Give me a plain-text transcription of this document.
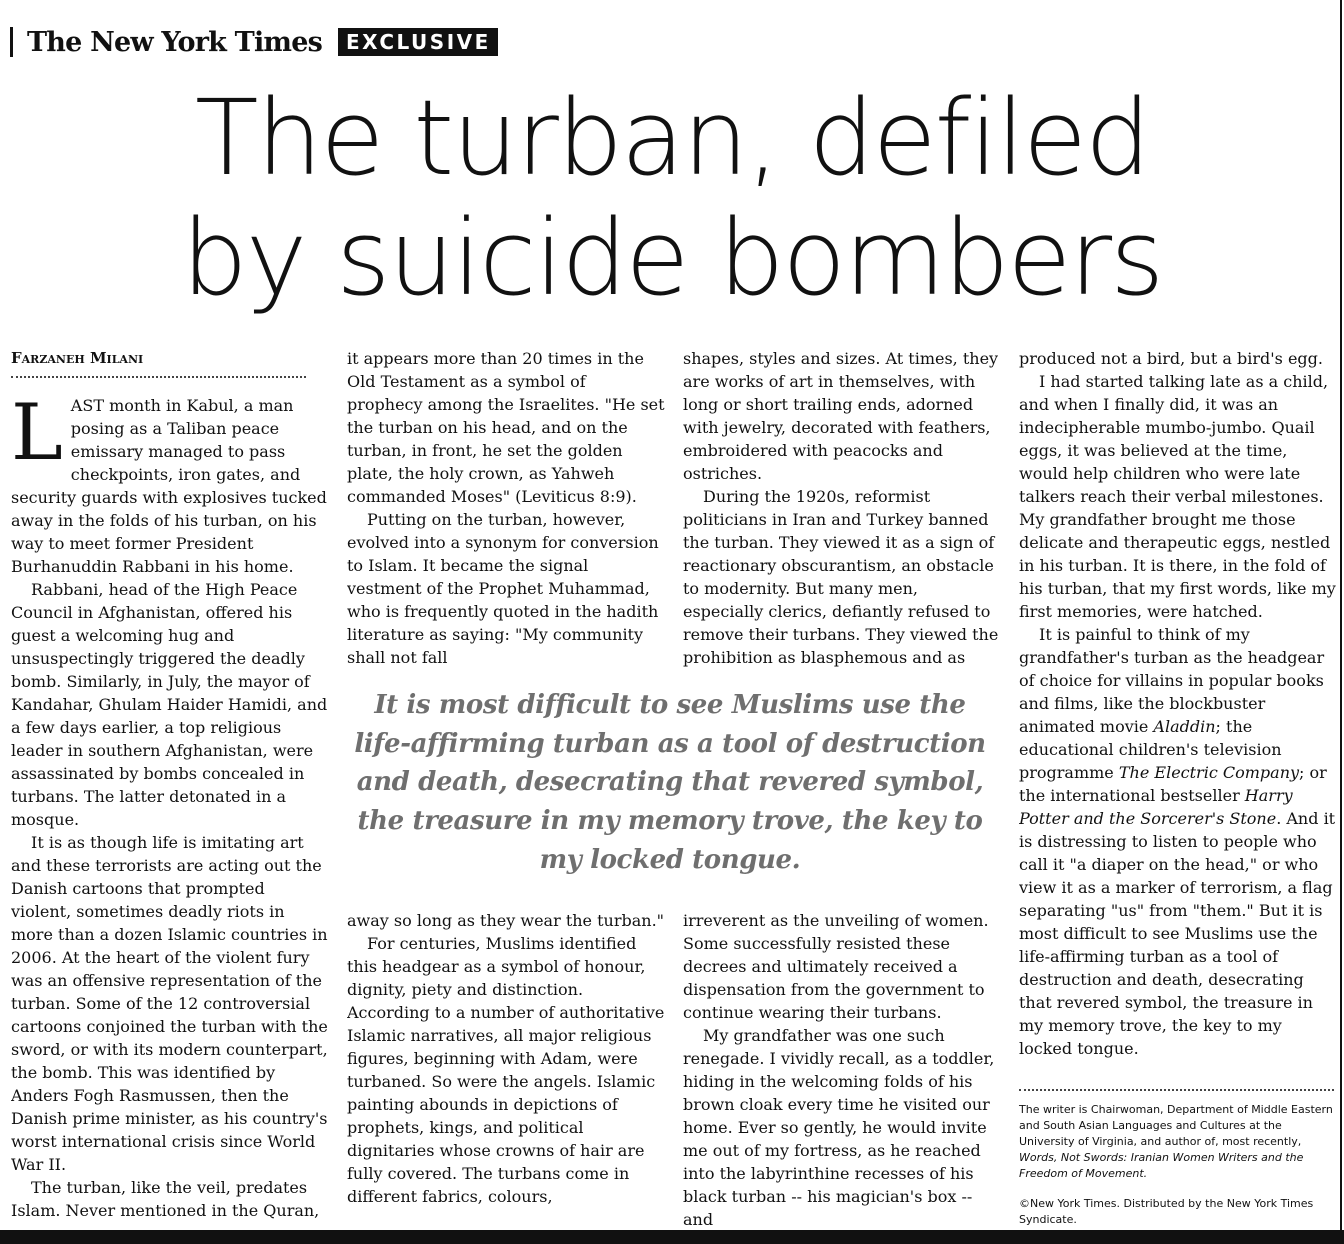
The New York Times	EXCLUSIVE
The turban, defiled
by suicide bombers
Farzaneh Milani

LAST month in Kabul, a man posing as a Taliban peace emissary managed to pass checkpoints, iron gates, and security guards with explosives tucked away in the folds of his turban, on his way to meet former President Burhanuddin Rabbani in his home.

Rabbani, head of the High Peace Council in Afghanistan, offered his guest a welcoming hug and unsuspectingly triggered the deadly bomb. Similarly, in July, the mayor of Kandahar, Ghulam Haider Hamidi, and a few days earlier, a top religious leader in southern Afghanistan, were assassinated by bombs concealed in turbans. The latter detonated in a mosque.

It is as though life is imitating art and these terrorists are acting out the Danish cartoons that prompted violent, sometimes deadly riots in more than a dozen Islamic countries in 2006. At the heart of the violent fury was an offensive representation of the turban. Some of the 12 controversial cartoons conjoined the turban with the sword, or with its modern counterpart, the bomb. This was identified by Anders Fogh Rasmussen, then the Danish prime minister, as his country's worst international crisis since World War II.

The turban, like the veil, predates Islam. Never mentioned in the Quran,

it appears more than 20 times in the Old Testament as a symbol of prophecy among the Israelites. "He set the turban on his head, and on the turban, in front, he set the golden plate, the holy crown, as Yahweh commanded Moses" (Leviticus 8:9).

Putting on the turban, however, evolved into a synonym for conversion to Islam. It became the signal vestment of the Prophet Muhammad, who is frequently quoted in the hadith literature as saying: "My community shall not fall

shapes, styles and sizes. At times, they are works of art in themselves, with long or short trailing ends, adorned with jewelry, decorated with feathers, embroidered with peacocks and ostriches.

During the 1920s, reformist politicians in Iran and Turkey banned the turban. They viewed it as a sign of reactionary obscurantism, an obstacle to modernity. But many men, especially clerics, defiantly refused to remove their turbans. They viewed the prohibition as blasphemous and as

It is most difficult to see Muslims use the life-affirming turban as a tool of destruction and death, desecrating that revered symbol, the treasure in my memory trove, the key to my locked tongue.

away so long as they wear the turban."

For centuries, Muslims identified this headgear as a symbol of honour, dignity, piety and distinction. According to a number of authoritative Islamic narratives, all major religious figures, beginning with Adam, were turbaned. So were the angels. Islamic painting abounds in depictions of prophets, kings, and political dignitaries whose crowns of hair are fully covered. The turbans come in different fabrics, colours,

irreverent as the unveiling of women. Some successfully resisted these decrees and ultimately received a dispensation from the government to continue wearing their turbans.

My grandfather was one such renegade. I vividly recall, as a toddler, hiding in the welcoming folds of his brown cloak every time he visited our home. Ever so gently, he would invite me out of my fortress, as he reached into the labyrinthine recesses of his black turban -- his magician's box -- and

produced not a bird, but a bird's egg.

I had started talking late as a child, and when I finally did, it was an indecipherable mumbo-jumbo. Quail eggs, it was believed at the time, would help children who were late talkers reach their verbal milestones. My grandfather brought me those delicate and therapeutic eggs, nestled in his turban. It is there, in the fold of his turban, that my first words, like my first memories, were hatched.

It is painful to think of my grandfather's turban as the headgear of choice for villains in popular books and films, like the blockbuster animated movie Aladdin; the educational children's television programme The Electric Company; or the international bestseller Harry Potter and the Sorcerer's Stone. And it is distressing to listen to people who call it "a diaper on the head," or who view it as a marker of terrorism, a flag separating "us" from "them." But it is most difficult to see Muslims use the life-affirming turban as a tool of destruction and death, desecrating that revered symbol, the treasure in my memory trove, the key to my locked tongue.

The writer is Chairwoman, Department of Middle Eastern and South Asian Languages and Cultures at the University of Virginia, and author of, most recently, Words, Not Swords: Iranian Women Writers and the Freedom of Movement.

©New York Times. Distributed by the New York Times Syndicate.
